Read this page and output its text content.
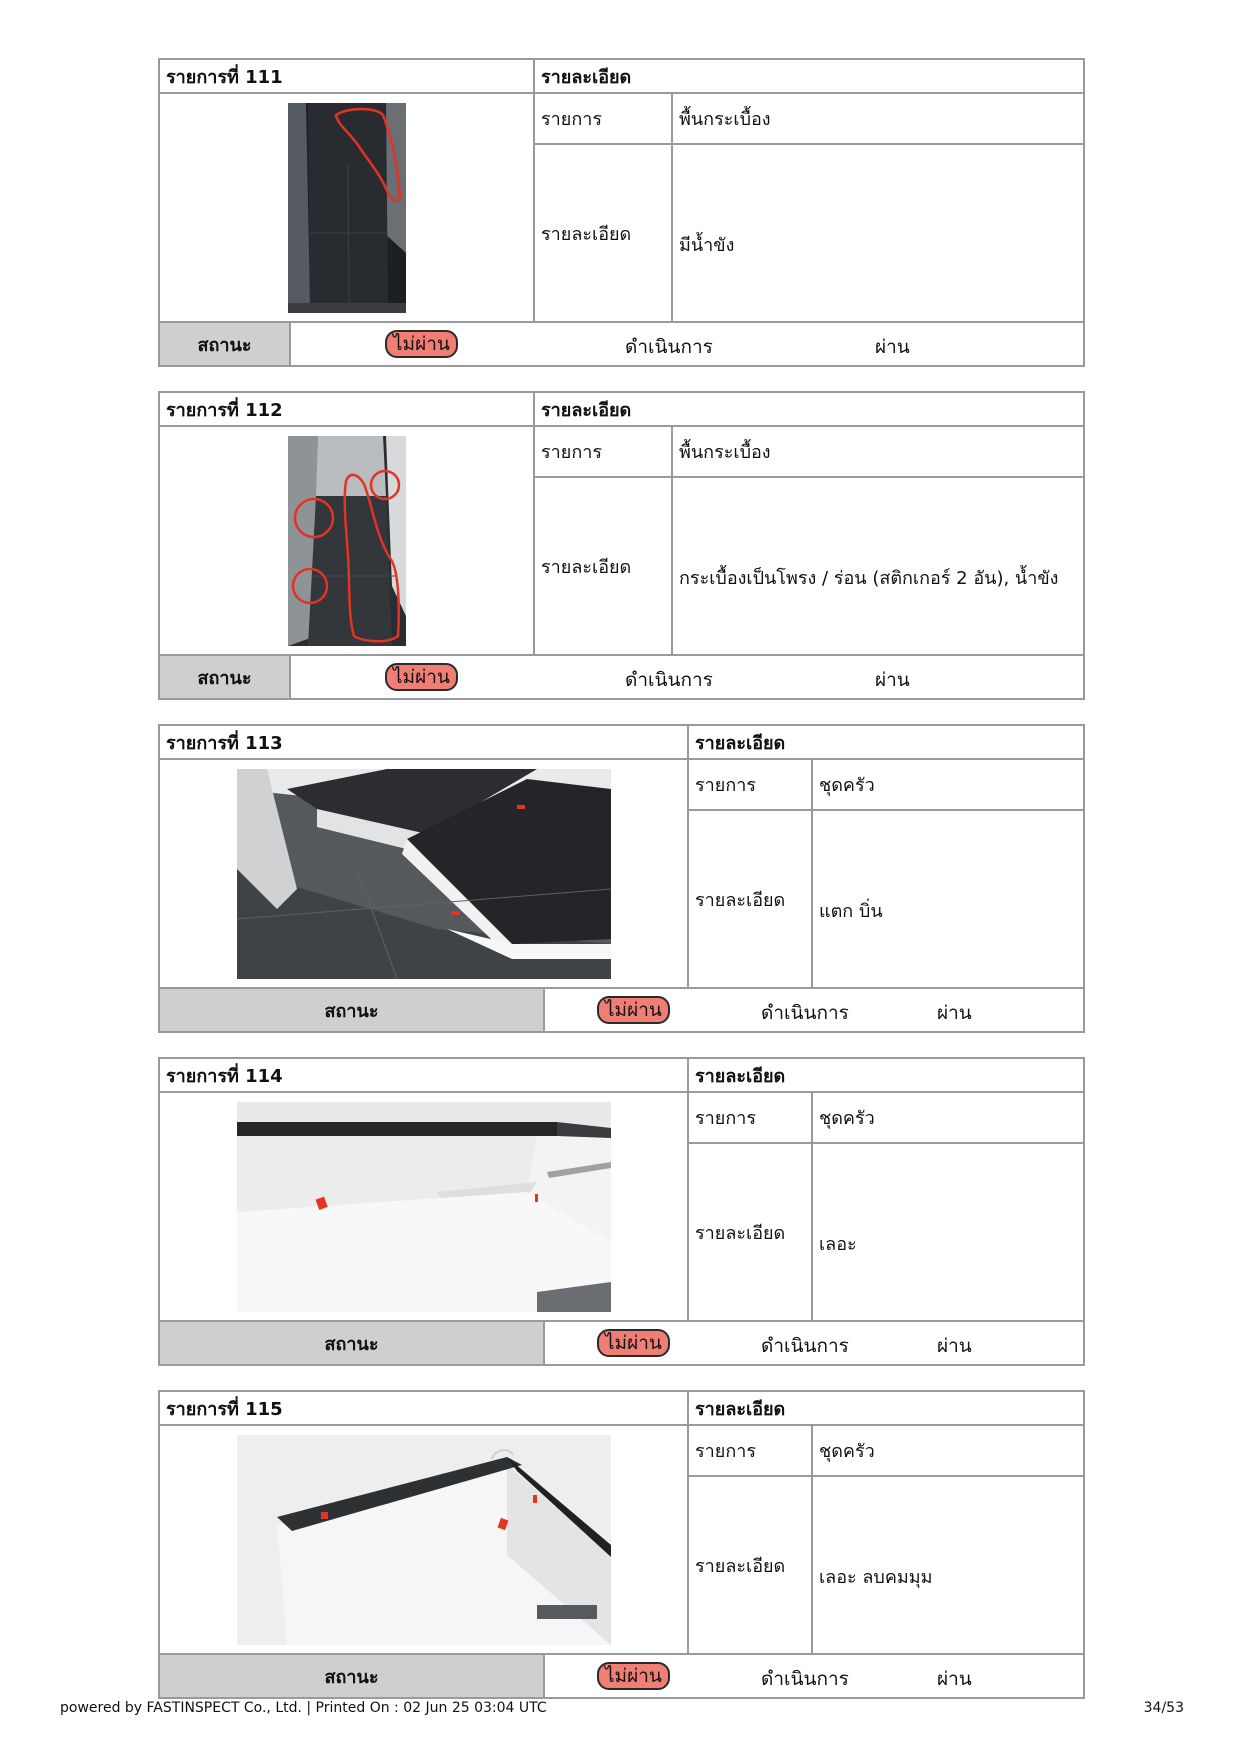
รายการที่ 111		รายละเอียด	

	รายการ	พื้นกระเบื้อง
		รายละเอียด	มีน้ำขัง
สถานะ	ไม่ผ่าน ดำเนินการ ผ่าน		
รายการที่ 112		รายละเอียด	

	รายการ	พื้นกระเบื้อง
		รายละเอียด	กระเบื้องเป็นโพรง / ร่อน (สติกเกอร์ 2 อัน), น้ำขัง
สถานะ	ไม่ผ่าน ดำเนินการ ผ่าน		
รายการที่ 113		รายละเอียด	

	รายการ	ชุดครัว
		รายละเอียด	แตก บิ่น
สถานะ	ไม่ผ่าน ดำเนินการ ผ่าน		
รายการที่ 114		รายละเอียด	

	รายการ	ชุดครัว
		รายละเอียด	เลอะ
สถานะ	ไม่ผ่าน ดำเนินการ ผ่าน		
รายการที่ 115		รายละเอียด	

	รายการ	ชุดครัว
		รายละเอียด	เลอะ ลบคมมุม
สถานะ	ไม่ผ่าน ดำเนินการ ผ่าน		
powered by FASTINSPECT Co., Ltd. | Printed On : 02 Jun 25 03:04 UTC	34/53
